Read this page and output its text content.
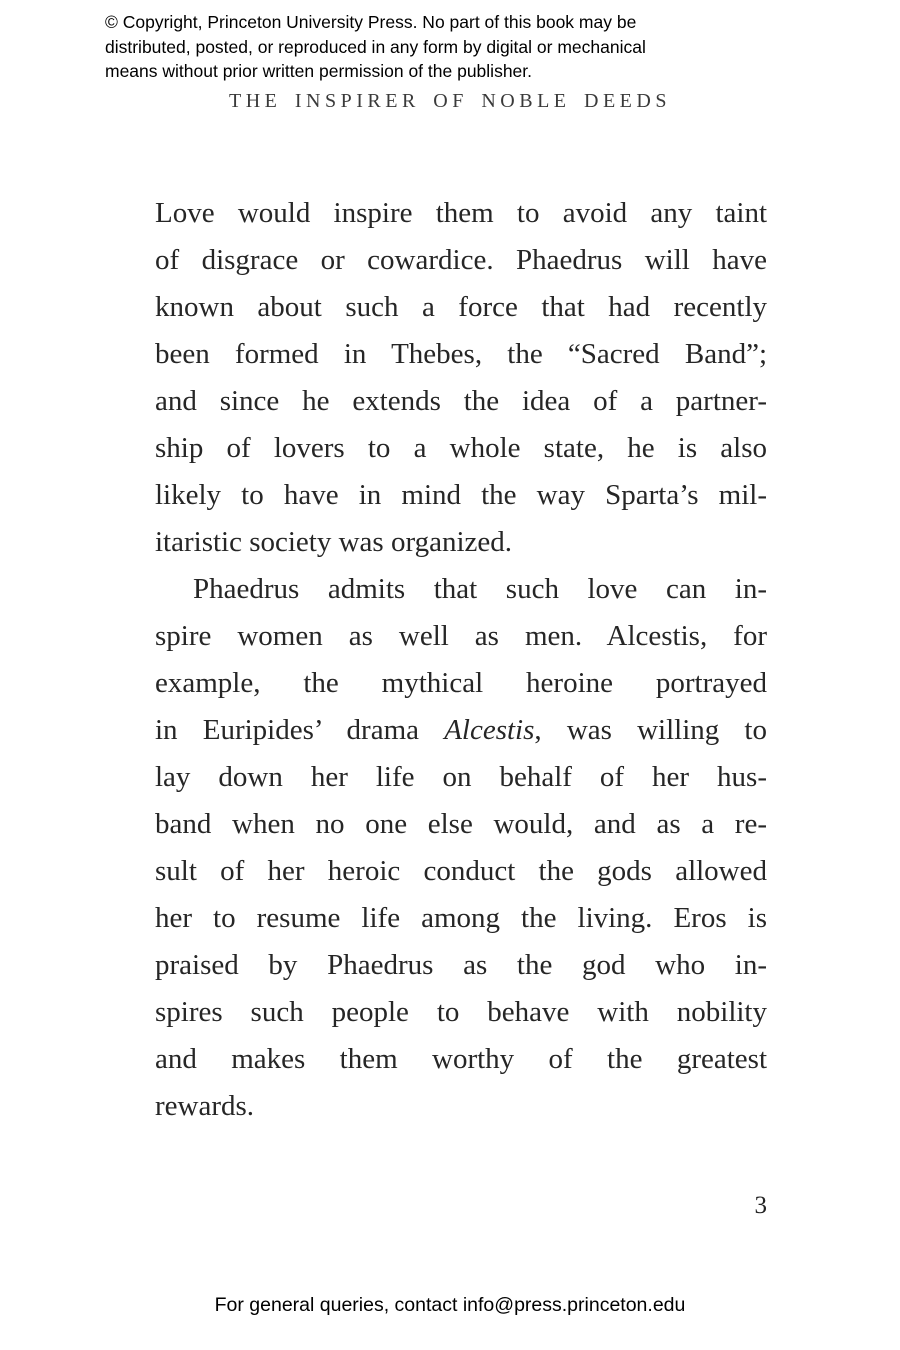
© Copyright, Princeton University Press. No part of this book may be
distributed, posted, or reproduced in any form by digital or mechanical
means without prior written permission of the publisher.
THE INSPIRER OF NOBLE DEEDS
Love would inspire them to avoid any taint
of disgrace or cowardice. Phaedrus will have
known about such a force that had recently
been formed in Thebes, the “Sacred Band”;
and since he extends the idea of a partner-
ship of lovers to a whole state, he is also
likely to have in mind the way Sparta’s mil-
itaristic society was organized.
Phaedrus admits that such love can in-
spire women as well as men. Alcestis, for
example, the mythical heroine portrayed
in Euripides’ drama Alcestis, was willing to
lay down her life on behalf of her hus-
band when no one else would, and as a re-
sult of her heroic conduct the gods allowed
her to resume life among the living. Eros is
praised by Phaedrus as the god who in-
spires such people to behave with nobility
and makes them worthy of the greatest
rewards.
3
For general queries, contact info@press.princeton.edu
